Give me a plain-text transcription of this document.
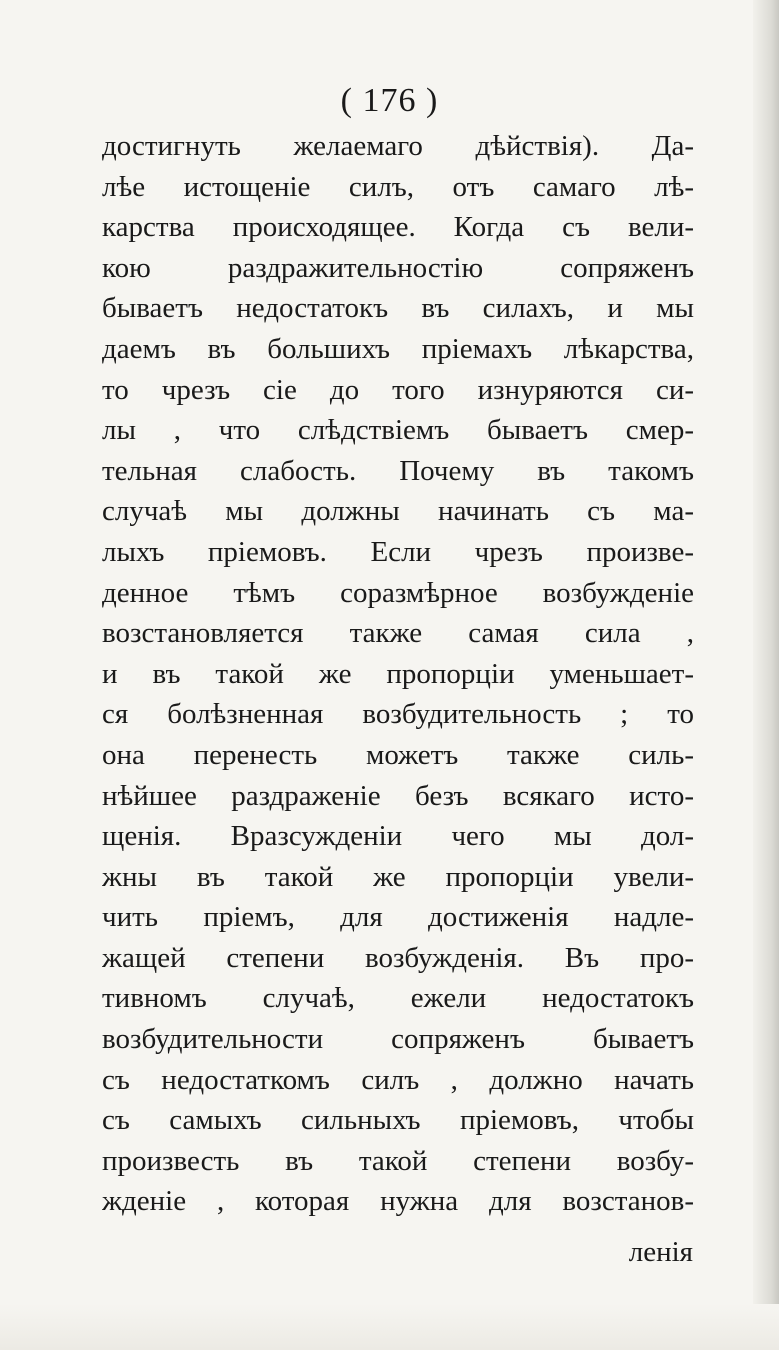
( 176 )
достигнуть желаемаго дѣйствія). Да-
лѣе истощеніе силъ, отъ самаго лѣ-
карства происходящее. Когда съ вели-
кою раздражительностію сопряженъ
бываетъ недостатокъ въ силахъ, и мы
даемъ въ большихъ пріемахъ лѣкарства,
то чрезъ сіе до того изнуряются си-
лы , что слѣдствіемъ бываетъ смер-
тельная слабость. Почему въ такомъ
случаѣ мы должны начинать съ ма-
лыхъ пріемовъ. Если чрезъ произве-
денное тѣмъ соразмѣрное возбужденіе
возстановляется также самая сила ,
и въ такой же пропорціи уменьшает-
ся болѣзненная возбудительность ; то
она перенесть можетъ также силь-
нѣйшее раздраженіе безъ всякаго исто-
щенія. Вразсужденіи чего мы дол-
жны въ такой же пропорціи увели-
чить пріемъ, для достиженія надле-
жащей степени возбужденія. Въ про-
тивномъ случаѣ, ежели недостатокъ
возбудительности сопряженъ бываетъ
съ недостаткомъ силъ , должно начать
съ самыхъ сильныхъ пріемовъ, чтобы
произвесть въ такой степени возбу-
жденіе , которая нужна для возстанов-
ленія
